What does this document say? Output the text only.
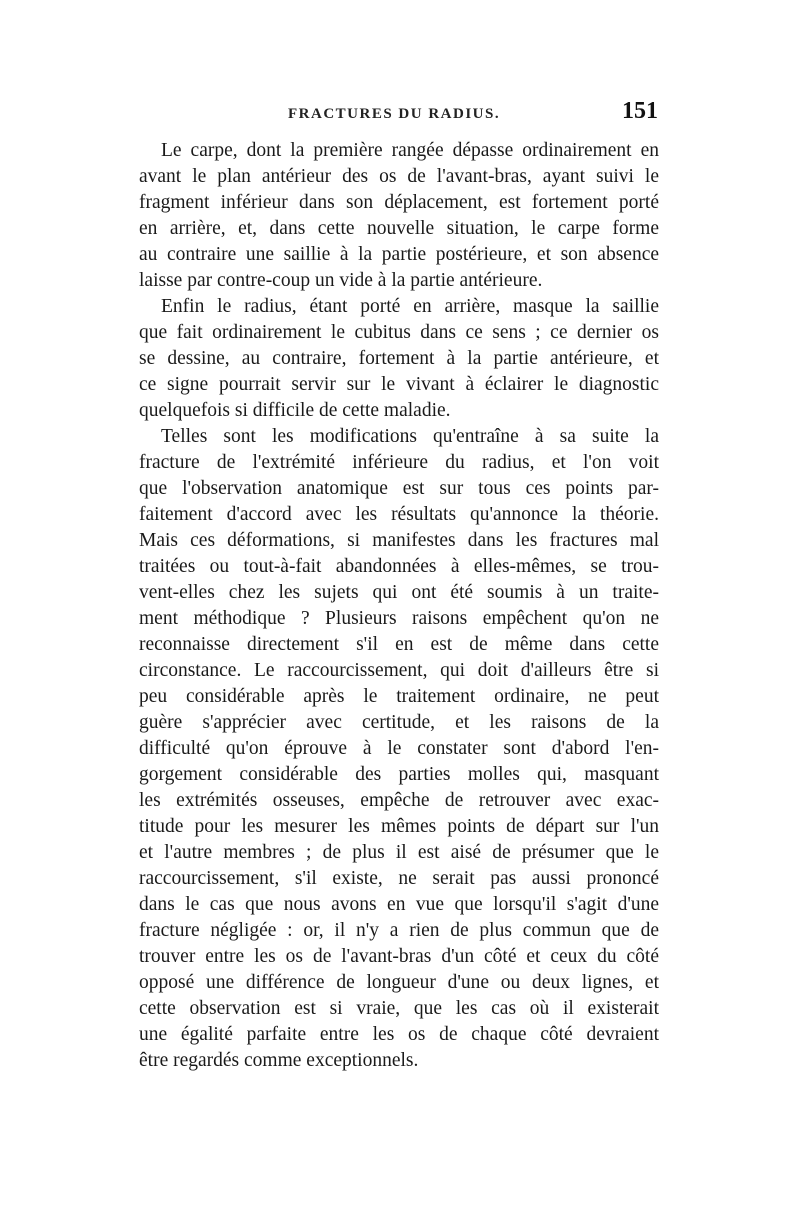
FRACTURES DU RADIUS.	151
Le carpe, dont la première rangée dépasse ordinairement en
avant le plan antérieur des os de l'avant-bras, ayant suivi le
fragment inférieur dans son déplacement, est fortement porté
en arrière, et, dans cette nouvelle situation, le carpe forme
au contraire une saillie à la partie postérieure, et son absence
laisse par contre-coup un vide à la partie antérieure.
Enfin le radius, étant porté en arrière, masque la saillie
que fait ordinairement le cubitus dans ce sens ; ce dernier os
se dessine, au contraire, fortement à la partie antérieure, et
ce signe pourrait servir sur le vivant à éclairer le diagnostic
quelquefois si difficile de cette maladie.
Telles sont les modifications qu'entraîne à sa suite la
fracture de l'extrémité inférieure du radius, et l'on voit
que l'observation anatomique est sur tous ces points par-
faitement d'accord avec les résultats qu'annonce la théorie.
Mais ces déformations, si manifestes dans les fractures mal
traitées ou tout-à-fait abandonnées à elles-mêmes, se trou-
vent-elles chez les sujets qui ont été soumis à un traite-
ment méthodique ? Plusieurs raisons empêchent qu'on ne
reconnaisse directement s'il en est de même dans cette
circonstance. Le raccourcissement, qui doit d'ailleurs être si
peu considérable après le traitement ordinaire, ne peut
guère s'apprécier avec certitude, et les raisons de la
difficulté qu'on éprouve à le constater sont d'abord l'en-
gorgement considérable des parties molles qui, masquant
les extrémités osseuses, empêche de retrouver avec exac-
titude pour les mesurer les mêmes points de départ sur l'un
et l'autre membres ; de plus il est aisé de présumer que le
raccourcissement, s'il existe, ne serait pas aussi prononcé
dans le cas que nous avons en vue que lorsqu'il s'agit d'une
fracture négligée : or, il n'y a rien de plus commun que de
trouver entre les os de l'avant-bras d'un côté et ceux du côté
opposé une différence de longueur d'une ou deux lignes, et
cette observation est si vraie, que les cas où il existerait
une égalité parfaite entre les os de chaque côté devraient
être regardés comme exceptionnels.
